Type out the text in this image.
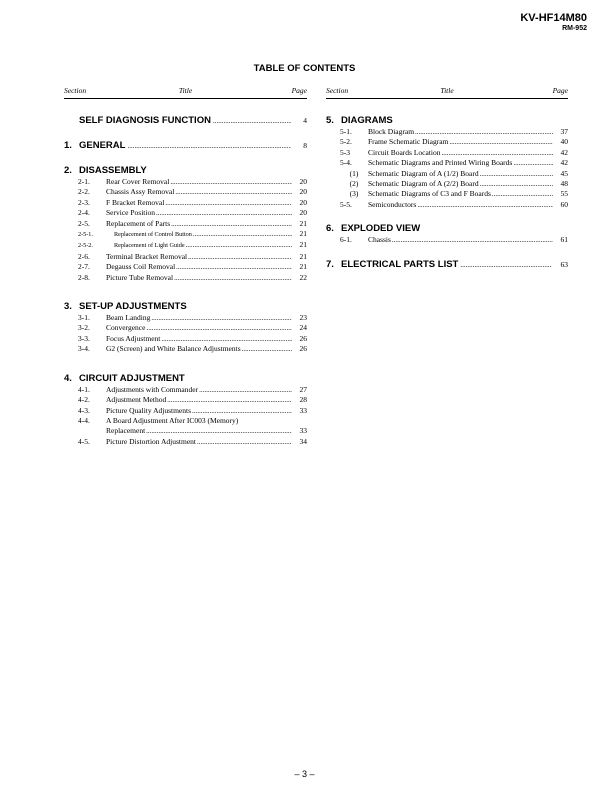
KV-HF14M80
RM-952
TABLE OF CONTENTS
Section	Title	Page
SELF DIAGNOSIS FUNCTION .....	4
1. GENERAL .....	8
2. DISASSEMBLY
2-1.	Rear Cover Removal .....	20
2-2.	Chassis Assy Removal .....	20
2-3.	F Bracket Removal .....	20
2-4.	Service Position .....	20
2-5.	Replacement of Parts .....	21
2-5-1.	Replacement of Control Button .....	21
2-5-2.	Replacement of Light Guide .....	21
2-6.	Terminal Bracket Removal .....	21
2-7.	Degauss Coil Removal .....	21
2-8.	Picture Tube Removal .....	22
3. SET-UP ADJUSTMENTS
3-1.	Beam Landing .....	23
3-2.	Convergence .....	24
3-3.	Focus Adjustment .....	26
3-4.	G2 (Screen) and White Balance Adjustments .....	26
4. CIRCUIT ADJUSTMENT
4-1.	Adjustments with Commander .....	27
4-2.	Adjustment Method .....	28
4-3.	Picture Quality Adjustments .....	33
4-4.	A Board Adjustment After IC003 (Memory)
Replacement .....	33
4-5.	Picture Distortion Adjustment .....	34
Section	Title	Page
5. DIAGRAMS
5-1.	Block Diagram .....	37
5-2.	Frame Schematic Diagram .....	40
5-3	Circuit Boards Location .....	42
5-4.	Schematic Diagrams and Printed Wiring Boards .....	42
(1)	Schematic Diagram of A (1/2) Board .....	45
(2)	Schematic Diagram of A (2/2) Board .....	48
(3)	Schematic Diagrams of C3 and F Boards .....	55
5-5.	Semiconductors .....	60
6. EXPLODED VIEW
6-1.	Chassis .....	61
7. ELECTRICAL PARTS LIST .....	63
– 3 –
